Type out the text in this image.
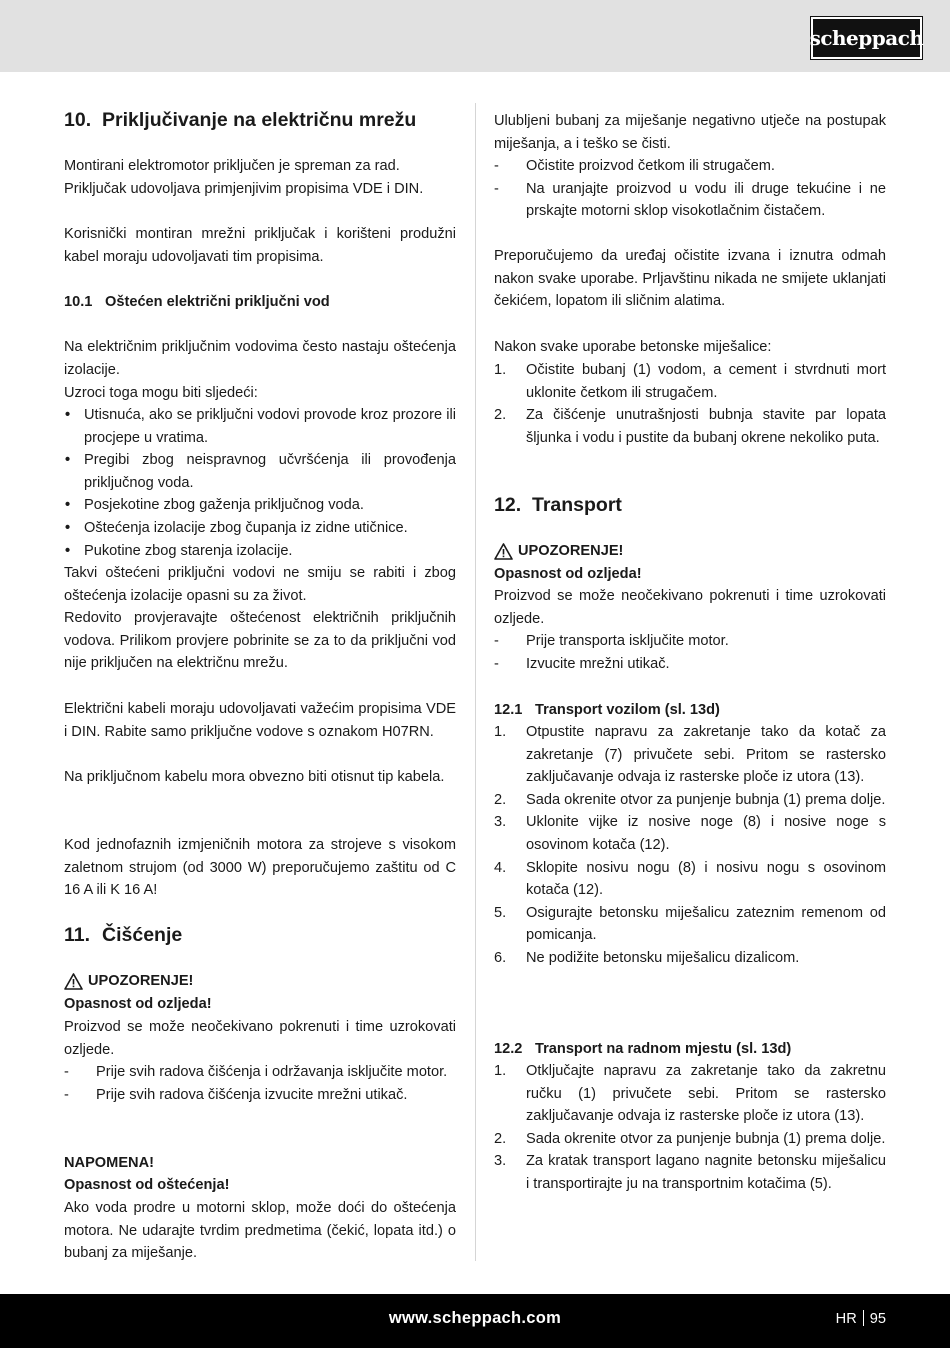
scheppach
10. Priključivanje na električnu mrežu
Montirani elektromotor priključen je spreman za rad.
Priključak udovoljava primjenjivim propisima VDE i DIN.
Korisnički montiran mrežni priključak i korišteni produžni kabel moraju udovoljavati tim propisima.
10.1 Oštećen električni priključni vod
Na električnim priključnim vodovima često nastaju oštećenja izolacije.
Uzroci toga mogu biti sljedeći:
• Utisnuća, ako se priključni vodovi provode kroz prozore ili procjepe u vratima.
• Pregibi zbog neispravnog učvršćenja ili provođenja priključnog voda.
• Posjekotine zbog gaženja priključnog voda.
• Oštećenja izolacije zbog čupanja iz zidne utičnice.
• Pukotine zbog starenja izolacije.
Takvi oštećeni priključni vodovi ne smiju se rabiti i zbog oštećenja izolacije opasni su za život.
Redovito provjeravajte oštećenost električnih priključnih vodova. Prilikom provjere pobrinite se za to da priključni vod nije priključen na električnu mrežu.
Električni kabeli moraju udovoljavati važećim propisima VDE i DIN. Rabite samo priključne vodove s oznakom H07RN.
Na priključnom kabelu mora obvezno biti otisnut tip kabela.
Kod jednofaznih izmjeničnih motora za strojeve s visokom zaletnom strujom (od 3000 W) preporučujemo zaštitu od C 16 A ili K 16 A!
11. Čišćenje
UPOZORENJE!
Opasnost od ozljeda!
Proizvod se može neočekivano pokrenuti i time uzrokovati ozljede.
- Prije svih radova čišćenja i održavanja isključite motor.
- Prije svih radova čišćenja izvucite mrežni utikač.
NAPOMENA!
Opasnost od oštećenja!
Ako voda prodre u motorni sklop, može doći do oštećenja motora. Ne udarajte tvrdim predmetima (čekić, lopata itd.) o bubanj za miješanje.
Ulubljeni bubanj za miješanje negativno utječe na postupak miješanja, a i teško se čisti.
- Očistite proizvod četkom ili strugačem.
- Na uranjajte proizvod u vodu ili druge tekućine i ne prskajte motorni sklop visokotlačnim čistačem.
Preporučujemo da uređaj očistite izvana i iznutra odmah nakon svake uporabe. Prljavštinu nikada ne smijete uklanjati čekićem, lopatom ili sličnim alatima.
Nakon svake uporabe betonske miješalice:
1. Očistite bubanj (1) vodom, a cement i stvrdnuti mort uklonite četkom ili strugačem.
2. Za čišćenje unutrašnjosti bubnja stavite par lopata šljunka i vodu i pustite da bubanj okrene nekoliko puta.
12. Transport
UPOZORENJE!
Opasnost od ozljeda!
Proizvod se može neočekivano pokrenuti i time uzrokovati ozljede.
- Prije transporta isključite motor.
- Izvucite mrežni utikač.
12.1 Transport vozilom (sl. 13d)
1. Otpustite napravu za zakretanje tako da kotač za zakretanje (7) privučete sebi. Pritom se rastersko zaključavanje odvaja iz rasterske ploče iz utora (13).
2. Sada okrenite otvor za punjenje bubnja (1) prema dolje.
3. Uklonite vijke iz nosive noge (8) i nosive noge s osovinom kotača (12).
4. Sklopite nosivu nogu (8) i nosivu nogu s osovinom kotača (12).
5. Osigurajte betonsku miješalicu zateznim remenom od pomicanja.
6. Ne podižite betonsku miješalicu dizalicom.
12.2 Transport na radnom mjestu (sl. 13d)
1. Otključajte napravu za zakretanje tako da zakretnu ručku (1) privučete sebi. Pritom se rastersko zaključavanje odvaja iz rasterske ploče iz utora (13).
2. Sada okrenite otvor za punjenje bubnja (1) prema dolje.
3. Za kratak transport lagano nagnite betonsku miješalicu i transportirajte ju na transportnim kotačima (5).
www.scheppach.com	HR 95
